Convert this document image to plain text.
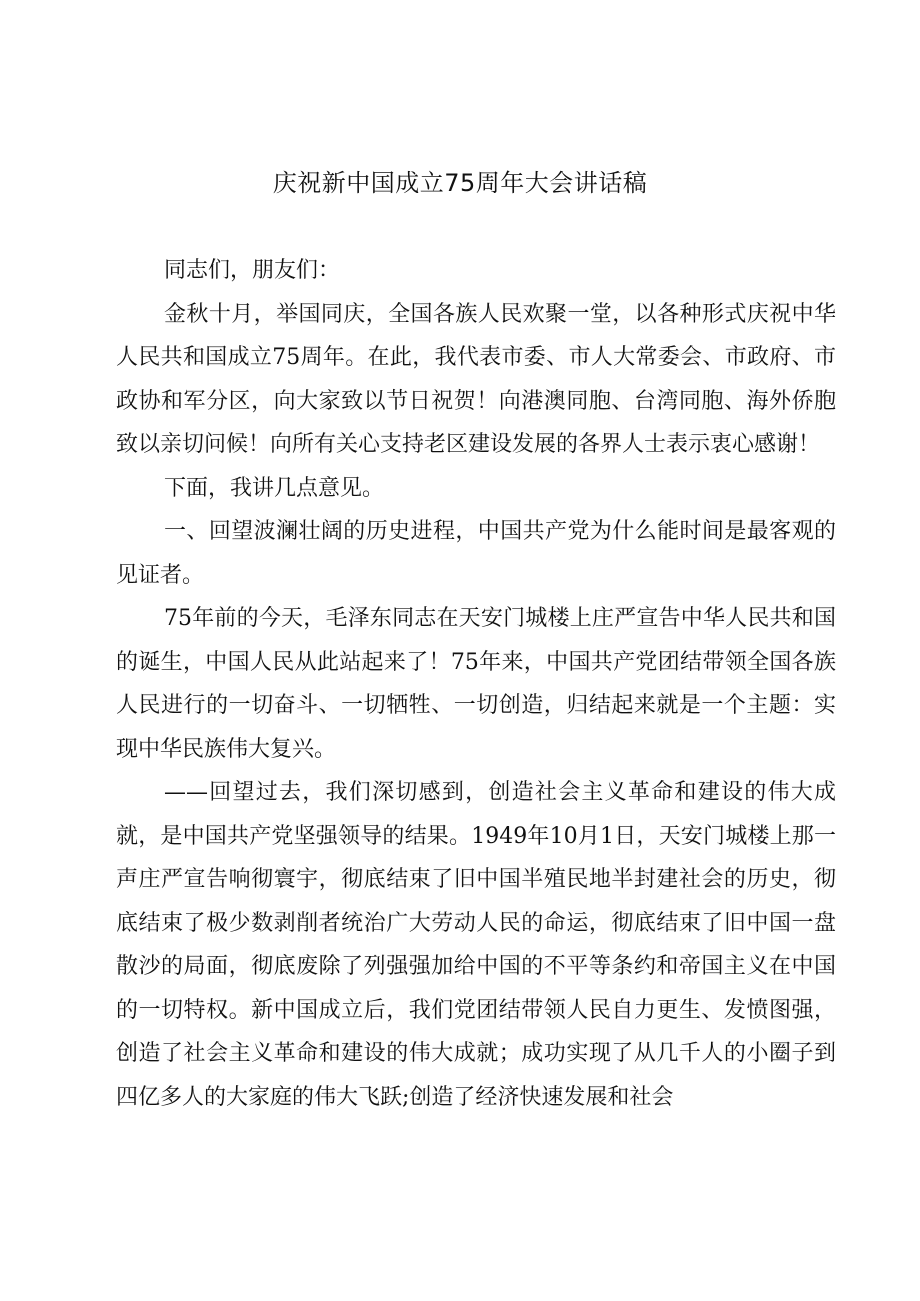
庆祝新中国成立75周年大会讲话稿

同志们，朋友们：

金秋十月，举国同庆，全国各族人民欢聚一堂，以各种形式庆祝中华人民共和国成立75周年。在此，我代表市委、市人大常委会、市政府、市政协和军分区，向大家致以节日祝贺！向港澳同胞、台湾同胞、海外侨胞致以亲切问候！向所有关心支持老区建设发展的各界人士表示衷心感谢！

下面，我讲几点意见。

一、回望波澜壮阔的历史进程，中国共产党为什么能时间是最客观的见证者。

75年前的今天，毛泽东同志在天安门城楼上庄严宣告中华人民共和国的诞生，中国人民从此站起来了！75年来，中国共产党团结带领全国各族人民进行的一切奋斗、一切牺牲、一切创造，归结起来就是一个主题：实现中华民族伟大复兴。

——回望过去，我们深切感到，创造社会主义革命和建设的伟大成就，是中国共产党坚强领导的结果。1949年10月1日，天安门城楼上那一声庄严宣告响彻寰宇，彻底结束了旧中国半殖民地半封建社会的历史，彻底结束了极少数剥削者统治广大劳动人民的命运，彻底结束了旧中国一盘散沙的局面，彻底废除了列强强加给中国的不平等条约和帝国主义在中国的一切特权。新中国成立后，我们党团结带领人民自力更生、发愤图强，创造了社会主义革命和建设的伟大成就；成功实现了从几千人的小圈子到四亿多人的大家庭的伟大飞跃;创造了经济快速发展和社会
